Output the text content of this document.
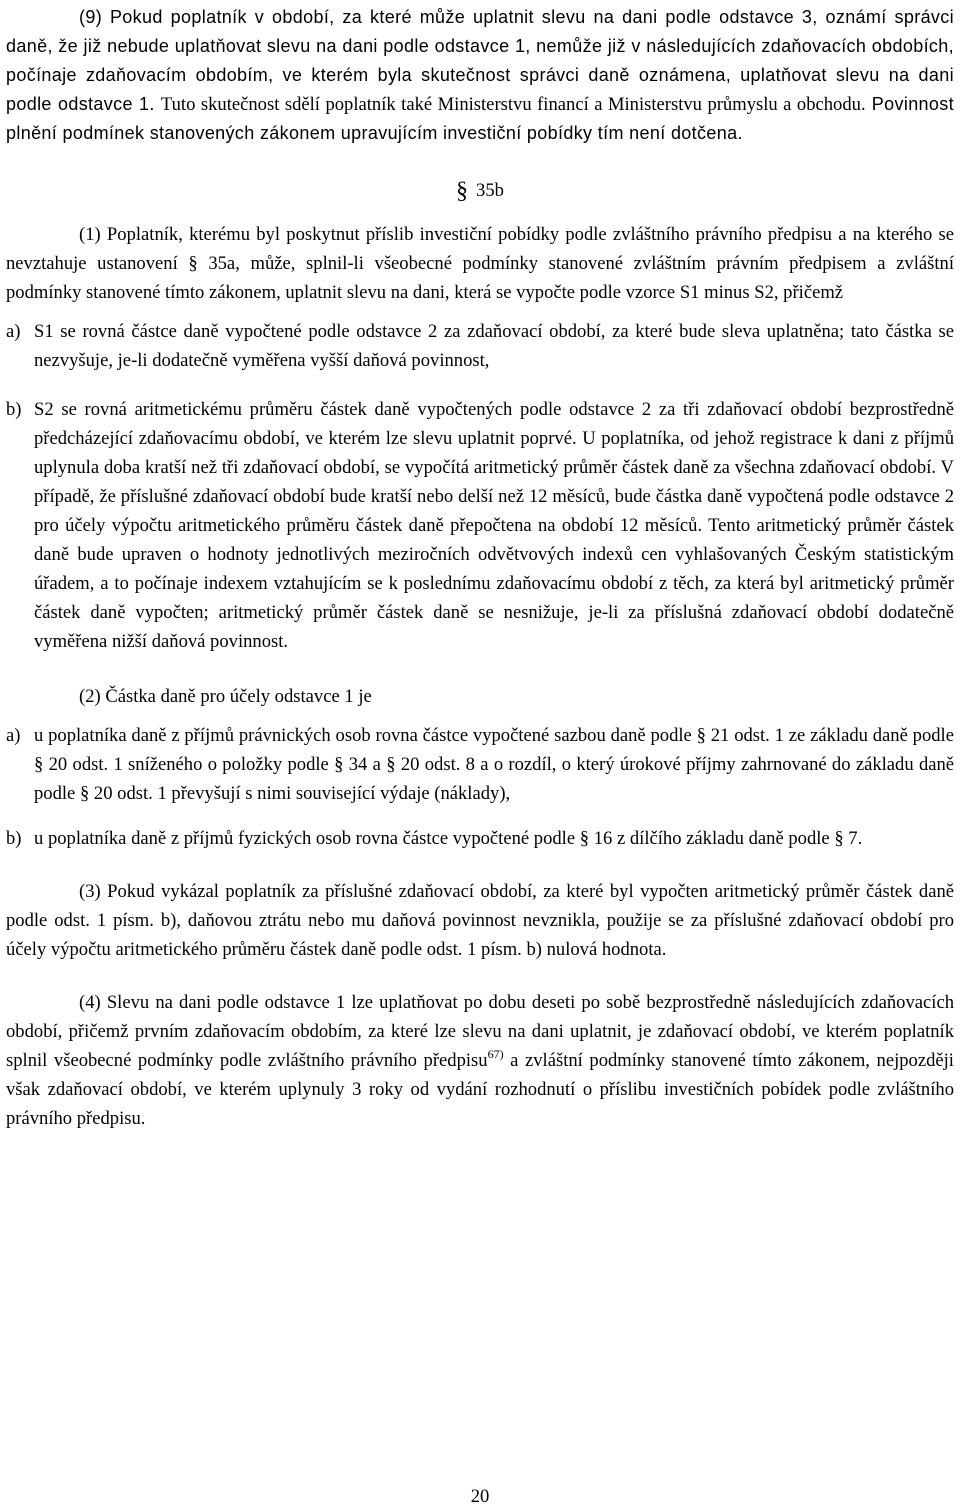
(9) Pokud poplatník v období, za které může uplatnit slevu na dani podle odstavce 3, oznámí správci daně, že již nebude uplatňovat slevu na dani podle odstavce 1, nemůže již v následujících zdaňovacích obdobích, počínaje zdaňovacím obdobím, ve kterém byla skutečnost správci daně oznámena, uplatňovat slevu na dani podle odstavce 1. Tuto skutečnost sdělí poplatník také Ministerstvu financí a Ministerstvu průmyslu a obchodu. Povinnost plnění podmínek stanovených zákonem upravujícím investiční pobídky tím není dotčena.

§ 35b

(1) Poplatník, kterému byl poskytnut příslib investiční pobídky podle zvláštního právního předpisu a na kterého se nevztahuje ustanovení § 35a, může, splnil-li všeobecné podmínky stanovené zvláštním právním předpisem a zvláštní podmínky stanovené tímto zákonem, uplatnit slevu na dani, která se vypočte podle vzorce S1 minus S2, přičemž

a) S1 se rovná částce daně vypočtené podle odstavce 2 za zdaňovací období, za které bude sleva uplatněna; tato částka se nezvyšuje, je-li dodatečně vyměřena vyšší daňová povinnost,
b) S2 se rovná aritmetickému průměru částek daně vypočtených podle odstavce 2 za tři zdaňovací období bezprostředně předcházející zdaňovacímu období, ve kterém lze slevu uplatnit poprvé. U poplatníka, od jehož registrace k dani z příjmů uplynula doba kratší než tři zdaňovací období, se vypočítá aritmetický průměr částek daně za všechna zdaňovací období. V případě, že příslušné zdaňovací období bude kratší nebo delší než 12 měsíců, bude částka daně vypočtená podle odstavce 2 pro účely výpočtu aritmetického průměru částek daně přepočtena na období 12 měsíců. Tento aritmetický průměr částek daně bude upraven o hodnoty jednotlivých meziročních odvětvových indexů cen vyhlašovaných Českým statistickým úřadem, a to počínaje indexem vztahujícím se k poslednímu zdaňovacímu období z těch, za která byl aritmetický průměr částek daně vypočten; aritmetický průměr částek daně se nesnižuje, je-li za příslušná zdaňovací období dodatečně vyměřena nižší daňová povinnost.

(2) Částka daně pro účely odstavce 1 je

a) u poplatníka daně z příjmů právnických osob rovna částce vypočtené sazbou daně podle § 21 odst. 1 ze základu daně podle § 20 odst. 1 sníženého o položky podle § 34 a § 20 odst. 8 a o rozdíl, o který úrokové příjmy zahrnované do základu daně podle § 20 odst. 1 převyšují s nimi související výdaje (náklady),
b) u poplatníka daně z příjmů fyzických osob rovna částce vypočtené podle § 16 z dílčího základu daně podle § 7.

(3) Pokud vykázal poplatník za příslušné zdaňovací období, za které byl vypočten aritmetický průměr částek daně podle odst. 1 písm. b), daňovou ztrátu nebo mu daňová povinnost nevznikla, použije se za příslušné zdaňovací období pro účely výpočtu aritmetického průměru částek daně podle odst. 1 písm. b) nulová hodnota.

(4) Slevu na dani podle odstavce 1 lze uplatňovat po dobu deseti po sobě bezprostředně následujících zdaňovacích období, přičemž prvním zdaňovacím obdobím, za které lze slevu na dani uplatnit, je zdaňovací období, ve kterém poplatník splnil všeobecné podmínky podle zvláštního právního předpisu$^{67)}$ a zvláštní podmínky stanovené tímto zákonem, nejpozději však zdaňovací období, ve kterém uplynuly 3 roky od vydání rozhodnutí o příslibu investičních pobídek podle zvláštního právního předpisu.

20
